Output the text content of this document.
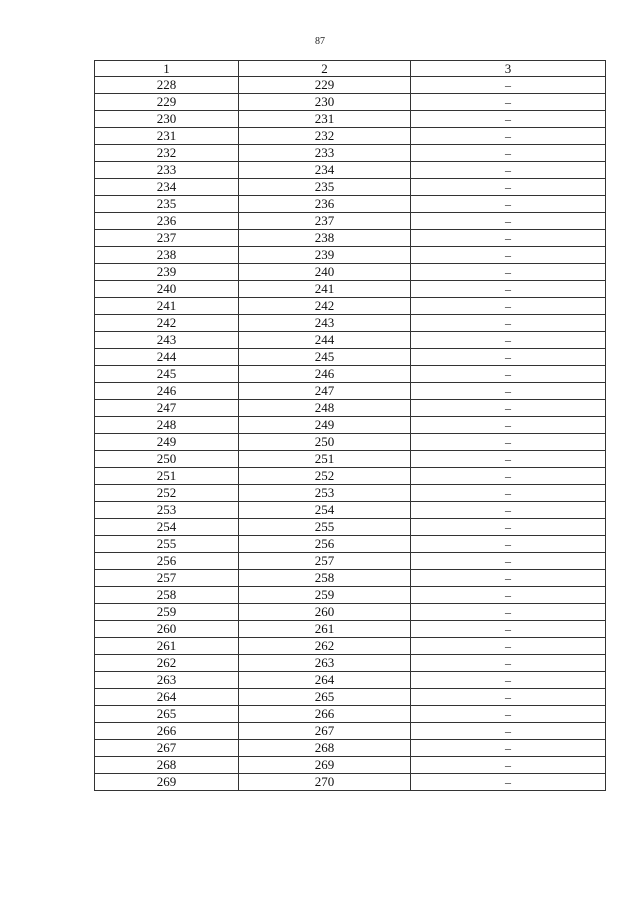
87
1	2	3
228	229	–
229	230	–
230	231	–
231	232	–
232	233	–
233	234	–
234	235	–
235	236	–
236	237	–
237	238	–
238	239	–
239	240	–
240	241	–
241	242	–
242	243	–
243	244	–
244	245	–
245	246	–
246	247	–
247	248	–
248	249	–
249	250	–
250	251	–
251	252	–
252	253	–
253	254	–
254	255	–
255	256	–
256	257	–
257	258	–
258	259	–
259	260	–
260	261	–
261	262	–
262	263	–
263	264	–
264	265	–
265	266	–
266	267	–
267	268	–
268	269	–
269	270	–
